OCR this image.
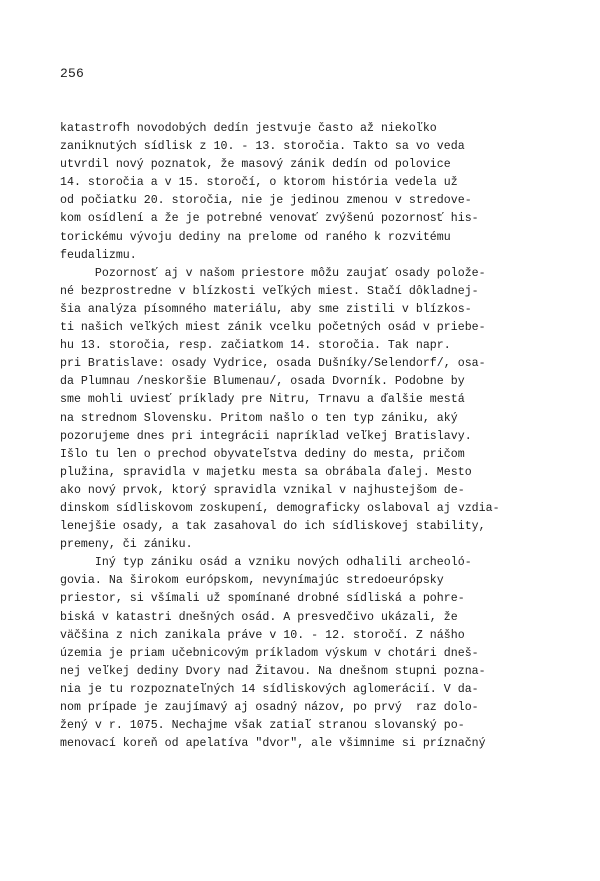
256
katastrofh novodobých dedín jestvuje často až niekoľko
zaniknutých sídlisk z 10. - 13. storočia. Takto sa vo veda
utvrdil nový poznatok, že masový zánik dedín od polovice
14. storočia a v 15. storočí, o ktorom história vedela už
od počiatku 20. storočia, nie je jedinou zmenou v stredove-
kom osídlení a že je potrebné venovať zvýšenú pozornosť his-
torickému vývoju dediny na prelome od raného k rozvitému
feudalizmu.
Pozornosť aj v našom priestore môžu zaujať osady polože-
né bezprostredne v blízkosti veľkých miest. Stačí dôkladnej-
šia analýza písomného materiálu, aby sme zistili v blízkos-
ti našich veľkých miest zánik vcelku početných osád v priebe-
hu 13. storočia, resp. začiatkom 14. storočia. Tak napr.
pri Bratislave: osady Vydrice, osada Dušníky/Selendorf/, osa-
da Plumnau /neskoršie Blumenau/, osada Dvorník. Podobne by
sme mohli uviesť príklady pre Nitru, Trnavu a ďalšie mestá
na strednom Slovensku. Pritom našlo o ten typ zániku, aký
pozorujeme dnes pri integrácii napríklad veľkej Bratislavy.
Išlo tu len o prechod obyvateľstva dediny do mesta, pričom
plužina, spravidla v majetku mesta sa obrábala ďalej. Mesto
ako nový prvok, ktorý spravidla vznikal v najhustejšom de-
dinskom sídliskovom zoskupení, demograficky oslaboval aj vzdia-
lenejšie osady, a tak zasahoval do ich sídliskovej stability,
premeny, či zániku.
Iný typ zániku osád a vzniku nových odhalili archeoló-
govia. Na širokom európskom, nevynímajúc stredoeurópsky
priestor, si všímali už spomínané drobné sídliská a pohre-
biská v katastri dnešných osád. A presvedčivo ukázali, že
väčšina z nich zanikala práve v 10. - 12. storočí. Z nášho
územia je priam učebnicovým príkladom výskum v chotári dneš-
nej veľkej dediny Dvory nad Žitavou. Na dnešnom stupni pozna-
nia je tu rozpoznateľných 14 sídliskových aglomerácií. V da-
nom prípade je zaujímavý aj osadný názov, po prvý  raz dolo-
žený v r. 1075. Nechajme však zatiaľ stranou slovanský po-
menovací koreň od apelatíva "dvor", ale všimnime si príznačný
